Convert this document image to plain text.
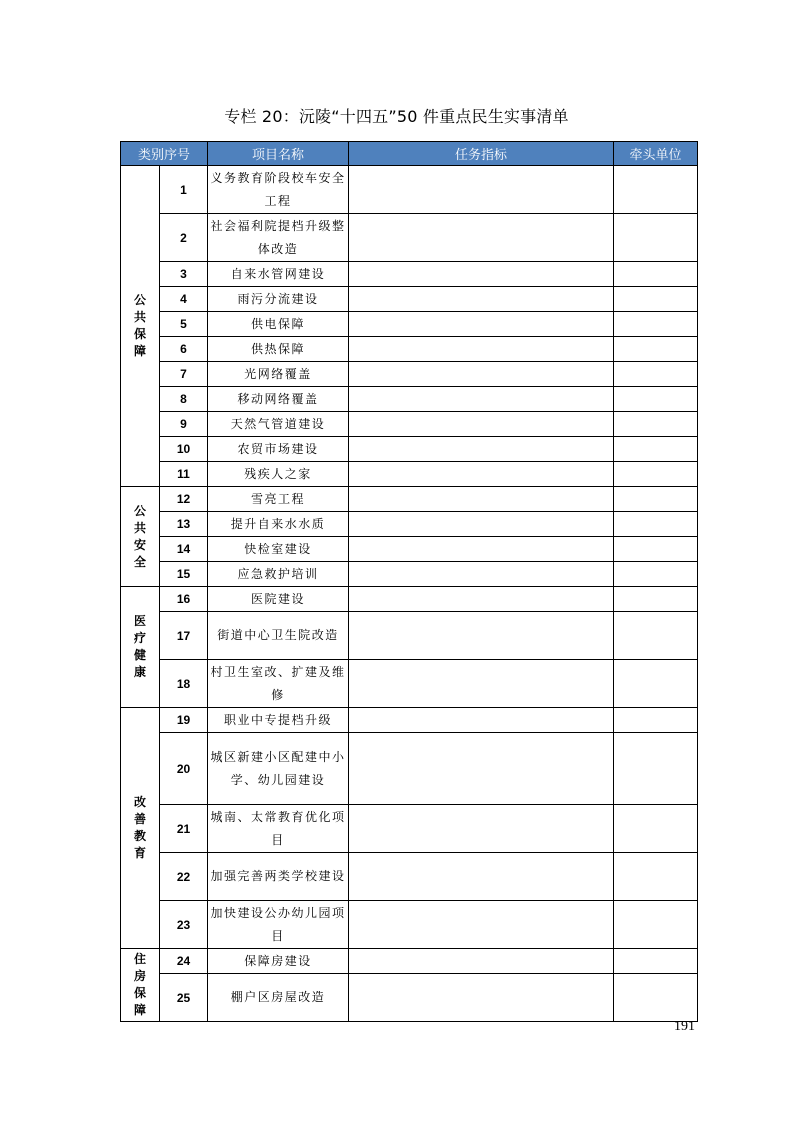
专栏 20：沅陵“十四五”50 件重点民生实事清单
类别序号		项目名称	任务指标	牵头单位
公共保障	1	义务教育阶段校车安全工程		
	2	社会福利院提档升级整体改造		
	3	自来水管网建设		
	4	雨污分流建设		
	5	供电保障		
	6	供热保障		
	7	光网络覆盖		
	8	移动网络覆盖		
	9	天然气管道建设		
	10	农贸市场建设		
	11	残疾人之家		
公共安全	12	雪亮工程		
	13	提升自来水水质		
	14	快检室建设		
	15	应急救护培训		
医疗健康	16	医院建设		
	17	街道中心卫生院改造		
	18	村卫生室改、扩建及维修		
改善教育	19	职业中专提档升级		
	20	城区新建小区配建中小学、幼儿园建设		
	21	城南、太常教育优化项目		
	22	加强完善两类学校建设		
	23	加快建设公办幼儿园项目		
住房保障	24	保障房建设		
	25	棚户区房屋改造		
191
